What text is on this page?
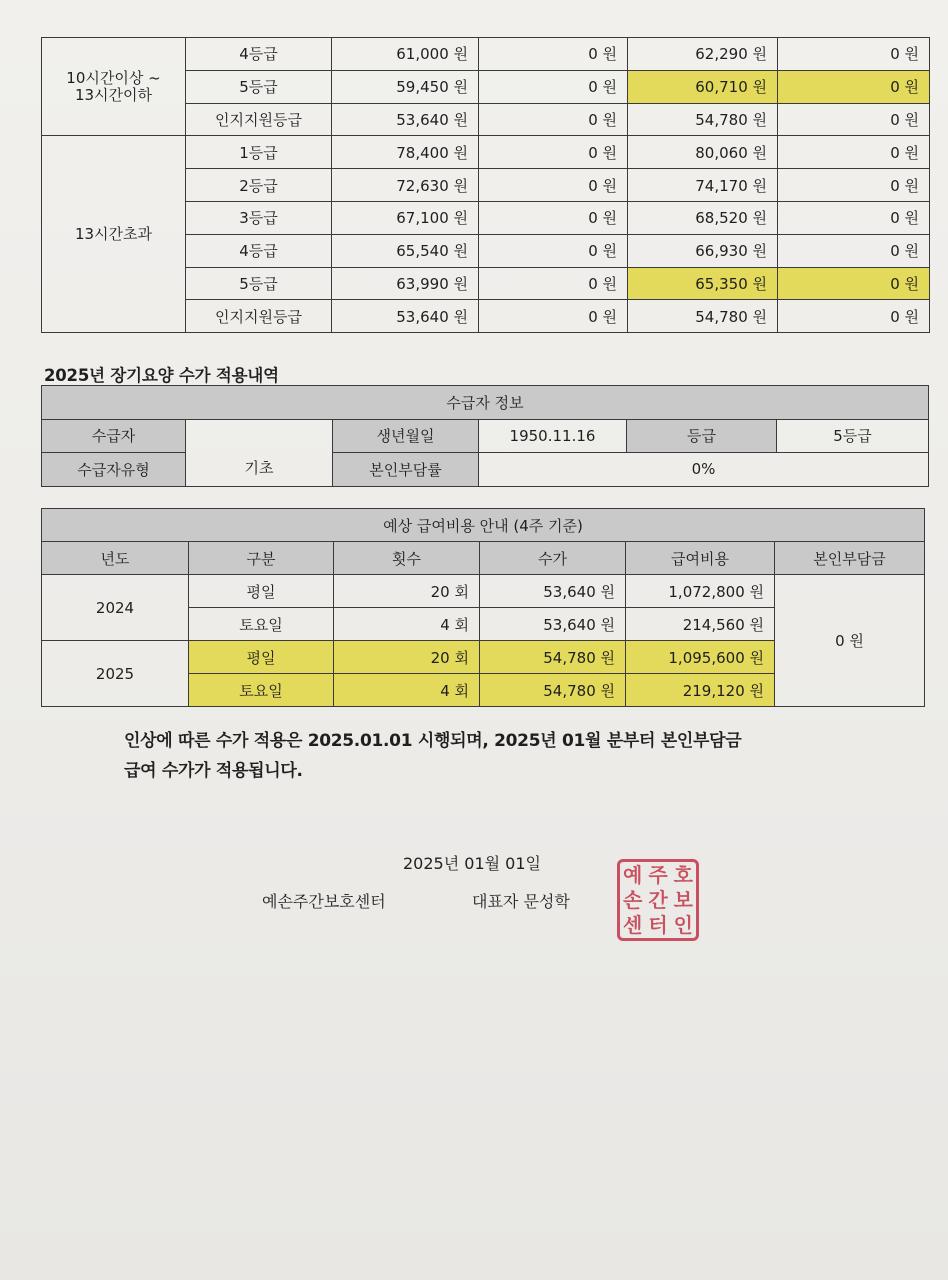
10시간이상 ~
13시간이하	4등급	61,000 원	0 원	62,290 원	0 원
	5등급	59,450 원	0 원	60,710 원	0 원
	인지지원등급	53,640 원	0 원	54,780 원	0 원
13시간초과	1등급	78,400 원	0 원	80,060 원	0 원
	2등급	72,630 원	0 원	74,170 원	0 원
	3등급	67,100 원	0 원	68,520 원	0 원
	4등급	65,540 원	0 원	66,930 원	0 원
	5등급	63,990 원	0 원	65,350 원	0 원
	인지지원등급	53,640 원	0 원	54,780 원	0 원
2025년 장기요양 수가 적용내역
수급자 정보					
수급자	기초	생년월일	1950.11.16	등급	5등급
수급자유형		본인부담률	0%		
예상 급여비용 안내 (4주 기준)					
년도	구분	횟수	수가	급여비용	본인부담금
2024	평일	20 회	53,640 원	1,072,800 원	0 원
	토요일	4 회	53,640 원	214,560 원	
2025	평일	20 회	54,780 원	1,095,600 원	
	토요일	4 회	54,780 원	219,120 원	
인상에 따른 수가 적용은 2025.01.01 시행되며, 2025년 01월 분부터 본인부담금
급여 수가가 적용됩니다.
2025년 01월 01일
예손주간보호센터	대표자 문성학
예 주 호
손 간 보
센 터 인
